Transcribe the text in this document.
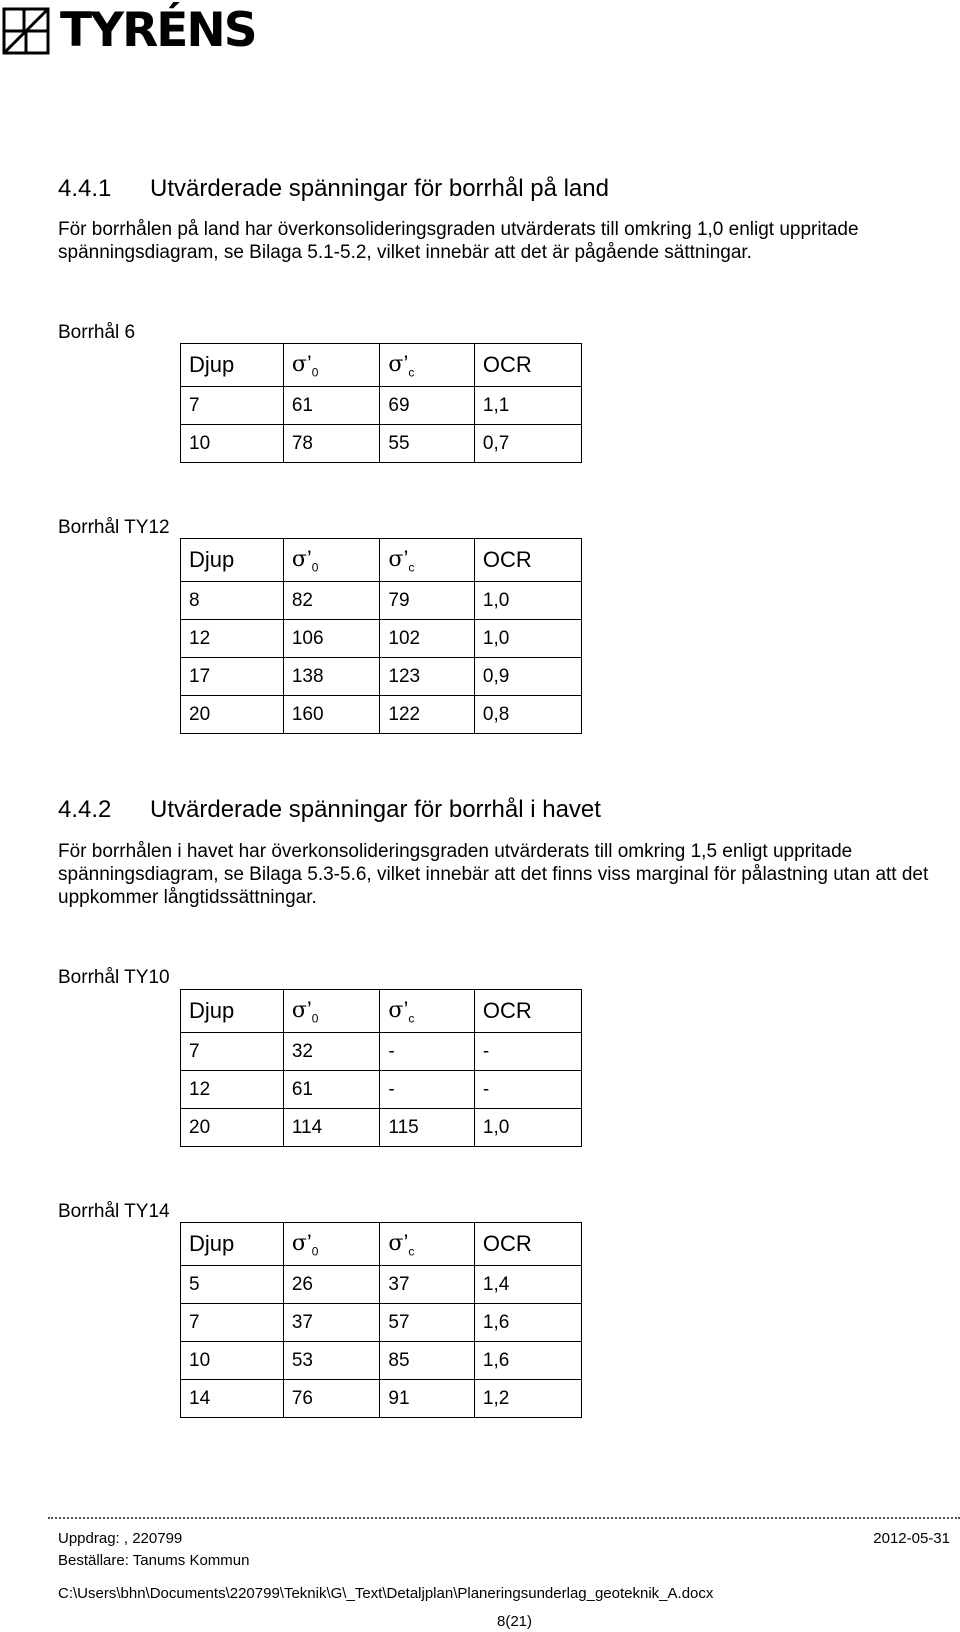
TYRÉNS
4.4.1 Utvärderade spänningar för borrhål på land
För borrhålen på land har överkonsolideringsgraden utvärderats till omkring 1,0 enligt uppritade spänningsdiagram, se Bilaga 5.1-5.2, vilket innebär att det är pågående sättningar.
Borrhål 6
Djup	$\sigma’_0$	$\sigma’_c$	OCR
7	61	69	1,1
10	78	55	0,7
Borrhål TY12
Djup	$\sigma’_0$	$\sigma’_c$	OCR
8	82	79	1,0
12	106	102	1,0
17	138	123	0,9
20	160	122	0,8
4.4.2 Utvärderade spänningar för borrhål i havet
För borrhålen i havet har överkonsolideringsgraden utvärderats till omkring 1,5 enligt uppritade spänningsdiagram, se Bilaga 5.3-5.6, vilket innebär att det finns viss marginal för pålastning utan att det uppkommer långtidssättningar.
Borrhål TY10
Djup	$\sigma’_0$	$\sigma’_c$	OCR
7	32	-	-
12	61	-	-
20	114	115	1,0
Borrhål TY14
Djup	$\sigma’_0$	$\sigma’_c$	OCR
5	26	37	1,4
7	37	57	1,6
10	53	85	1,6
14	76	91	1,2
Uppdrag: , 220799	2012-05-31
Beställare: Tanums Kommun
C:\Users\bhn\Documents\220799\Teknik\G\_Text\Detaljplan\Planeringsunderlag_geoteknik_A.docx
8(21)
